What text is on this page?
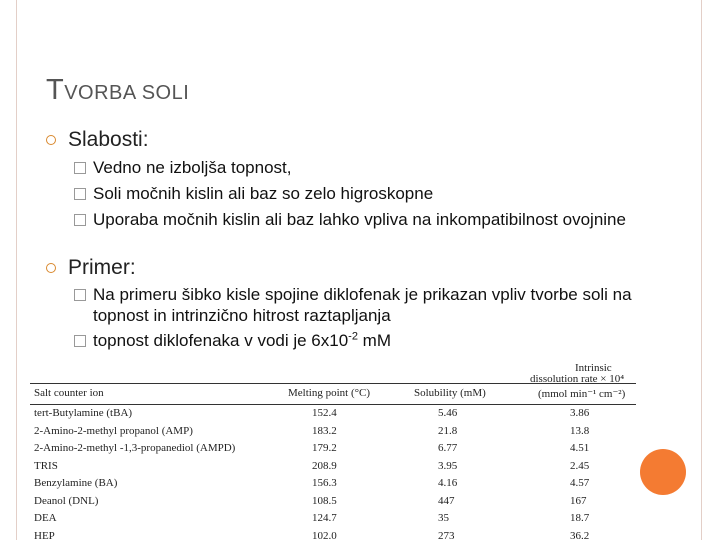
TVORBA SOLI
Slabosti:
Vedno ne izboljša topnost,
Soli močnih kislin ali baz so zelo higroskopne
Uporaba močnih kislin ali baz lahko vpliva na inkompatibilnost ovojnine
Primer:
Na primeru šibko kisle spojine diklofenak je prikazan vpliv tvorbe soli na topnost in intrinzično hitrost raztapljanja
topnost diklofenaka v vodi je $6x10^{-2}$ mM
Intrinsic
dissolution rate × 10⁴
Salt counter ion	Melting point (°C)	Solubility (mM)	(mmol min⁻¹ cm⁻²)
tert-Butylamine (tBA)	152.4	5.46	3.86
2-Amino-2-methyl propanol (AMP)	183.2	21.8	13.8
2-Amino-2-methyl -1,3-propanediol (AMPD)	179.2	6.77	4.51
TRIS	208.9	3.95	2.45
Benzylamine (BA)	156.3	4.16	4.57
Deanol (DNL)	108.5	447	167
DEA	124.7	35	18.7
HEP	102.0	273	36.2
